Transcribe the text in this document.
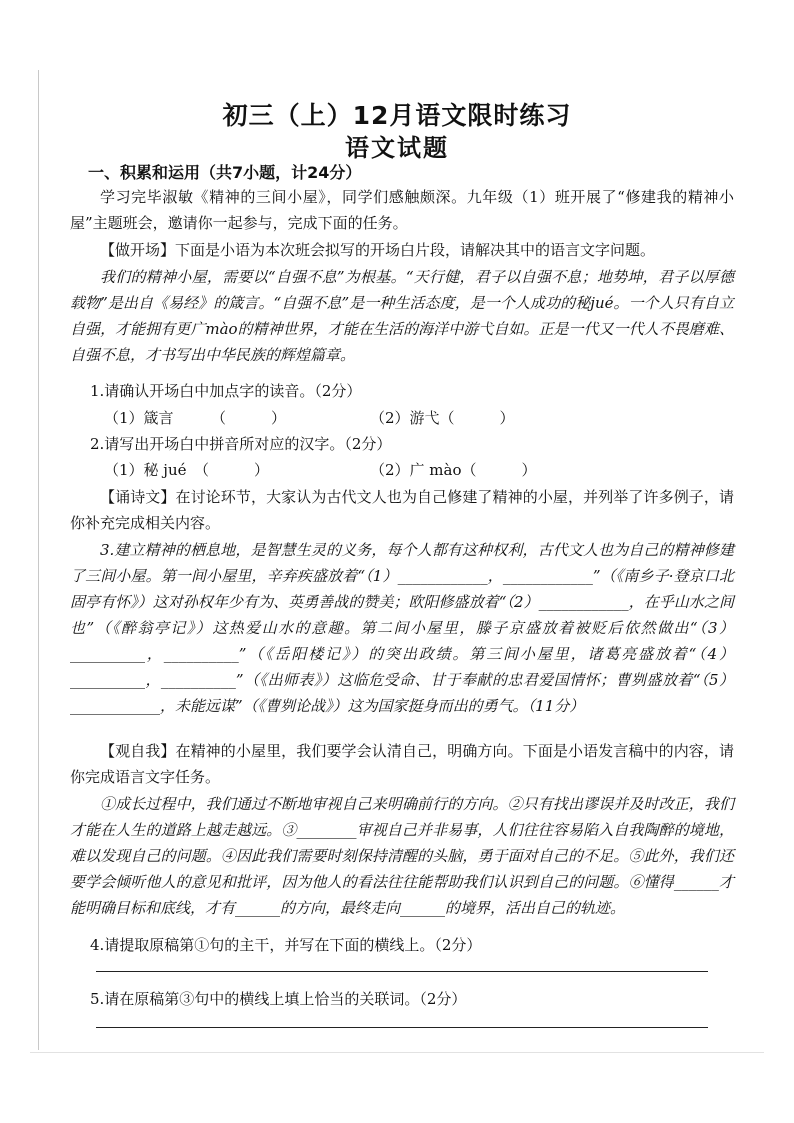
初三（上）12月语文限时练习
语文试题
一、积累和运用（共7小题，计24分）
学习完毕淑敏《精神的三间小屋》，同学们感触颇深。九年级（1）班开展了“修建我的精神小屋”主题班会，邀请你一起参与，完成下面的任务。
【做开场】下面是小语为本次班会拟写的开场白片段，请解决其中的语言文字问题。
我们的精神小屋，需要以“自强不息”为根基。“天行健，君子以自强不息；地势坤，君子以厚德载物”是出自《易经》的箴言。“自强不息”是一种生活态度，是一个人成功的秘jué。一个人只有自立自强，才能拥有更广mào的精神世界，才能在生活的海洋中游弋自如。正是一代又一代人不畏磨难、自强不息，才书写出中华民族的辉煌篇章。
1.请确认开场白中加点字的读音。（2分）
（1）箴言　　　（　　　）	（2）游弋（　　　）
2.请写出开场白中拼音所对应的汉字。（2分）
（1）秘 jué　（　　　）	（2）广 mào（　　　）
【诵诗文】在讨论环节，大家认为古代文人也为自己修建了精神的小屋，并列举了许多例子，请你补充完成相关内容。
3.建立精神的栖息地，是智慧生灵的义务，每个人都有这种权利，古代文人也为自己的精神修建了三间小屋。第一间小屋里，辛弃疾盛放着“（1）____________，____________”（《南乡子·登京口北固亭有怀》）这对孙权年少有为、英勇善战的赞美；欧阳修盛放着“（2）____________，在乎山水之间也”（《醉翁亭记》）这热爱山水的意趣。第二间小屋里，滕子京盛放着被贬后依然做出“（3）__________，__________”（《岳阳楼记》）的突出政绩。第三间小屋里，诸葛亮盛放着“（4）__________，__________”（《出师表》）这临危受命、甘于奉献的忠君爱国情怀；曹刿盛放着“（5）____________，未能远谋”（《曹刿论战》）这为国家挺身而出的勇气。（11分）
【观自我】在精神的小屋里，我们要学会认清自己，明确方向。下面是小语发言稿中的内容，请你完成语言文字任务。
①成长过程中，我们通过不断地审视自己来明确前行的方向。②只有找出谬误并及时改正，我们才能在人生的道路上越走越远。③________审视自己并非易事，人们往往容易陷入自我陶醉的境地，难以发现自己的问题。④因此我们需要时刻保持清醒的头脑，勇于面对自己的不足。⑤此外，我们还要学会倾听他人的意见和批评，因为他人的看法往往能帮助我们认识到自己的问题。⑥懂得______才能明确目标和底线，才有______的方向，最终走向______的境界，活出自己的轨迹。
4.请提取原稿第①句的主干，并写在下面的横线上。（2分）
5.请在原稿第③句中的横线上填上恰当的关联词。（2分）
